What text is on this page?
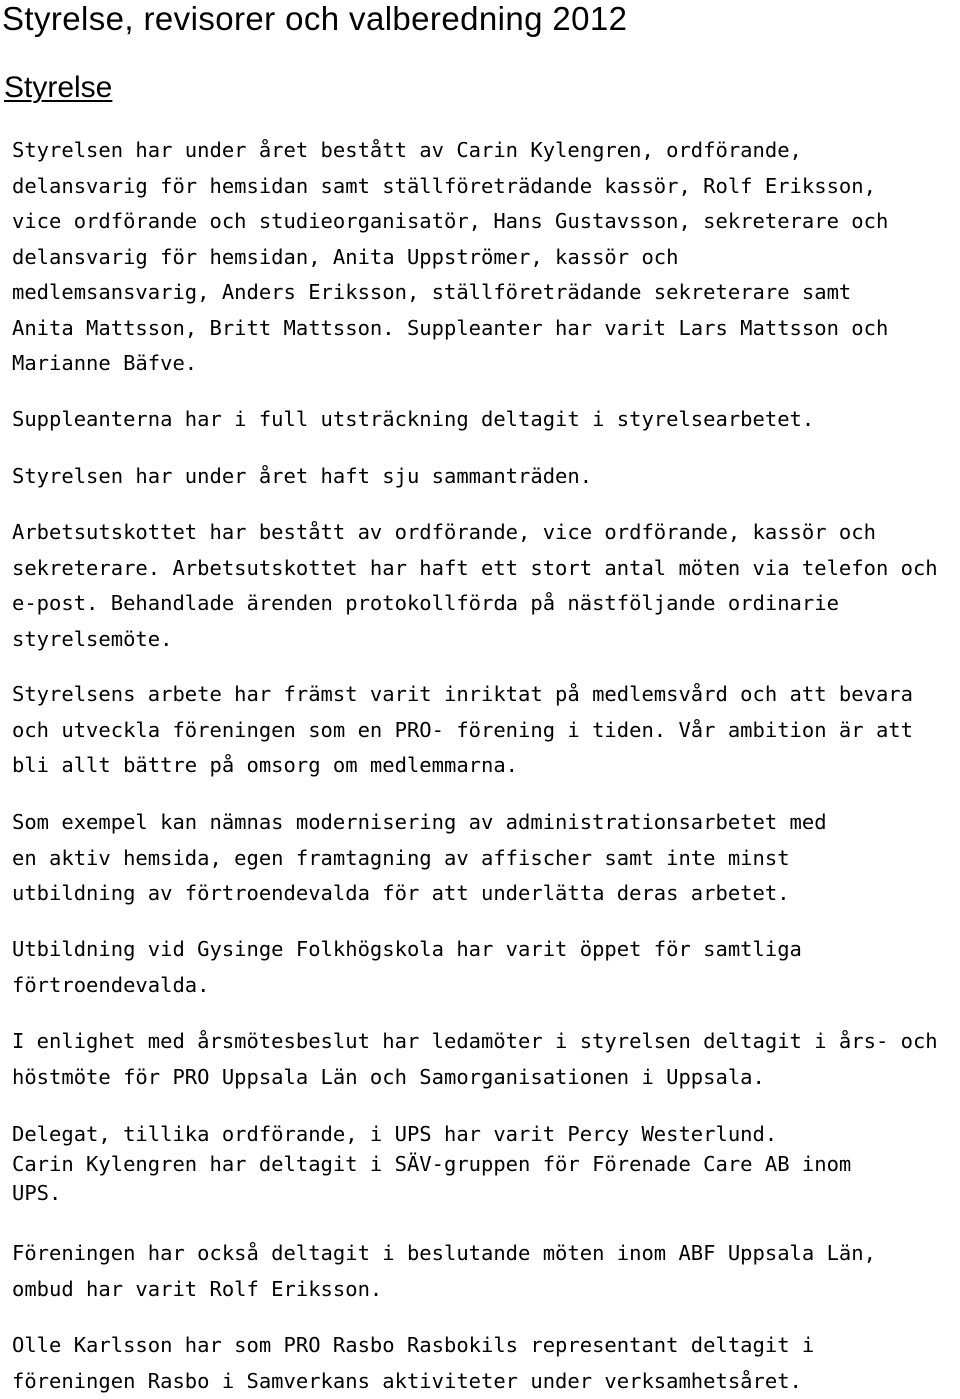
Styrelse, revisorer och valberedning 2012
Styrelse

Styrelsen har under året bestått av Carin Kylengren, ordförande,
delansvarig för hemsidan samt ställföreträdande kassör, Rolf Eriksson,
vice ordförande och studieorganisatör, Hans Gustavsson, sekreterare och
delansvarig för hemsidan, Anita Uppströmer, kassör och
medlemsansvarig, Anders Eriksson, ställföreträdande sekreterare samt
Anita Mattsson, Britt Mattsson. Suppleanter har varit Lars Mattsson och
Marianne Bäfve.

Suppleanterna har i full utsträckning deltagit i styrelsearbetet.

Styrelsen har under året haft sju sammanträden.

Arbetsutskottet har bestått av ordförande, vice ordförande, kassör och
sekreterare. Arbetsutskottet har haft ett stort antal möten via telefon och
e-post. Behandlade ärenden protokollförda på nästföljande ordinarie
styrelsemöte.

Styrelsens arbete har främst varit inriktat på medlemsvård och att bevara
och utveckla föreningen som en PRO- förening i tiden. Vår ambition är att
bli allt bättre på omsorg om medlemmarna.

Som exempel kan nämnas modernisering av administrationsarbetet med
en aktiv hemsida, egen framtagning av affischer samt inte minst
utbildning av förtroendevalda för att underlätta deras arbetet.

Utbildning vid Gysinge Folkhögskola har varit öppet för samtliga
förtroendevalda.

I enlighet med årsmötesbeslut har ledamöter i styrelsen deltagit i års- och
höstmöte för PRO Uppsala Län och Samorganisationen i Uppsala.

Delegat, tillika ordförande, i UPS har varit Percy Westerlund.
Carin Kylengren har deltagit i SÄV-gruppen för Förenade Care AB inom
UPS.

Föreningen har också deltagit i beslutande möten inom ABF Uppsala Län,
ombud har varit Rolf Eriksson.

Olle Karlsson har som PRO Rasbo Rasbokils representant deltagit i
föreningen Rasbo i Samverkans aktiviteter under verksamhetsåret.
